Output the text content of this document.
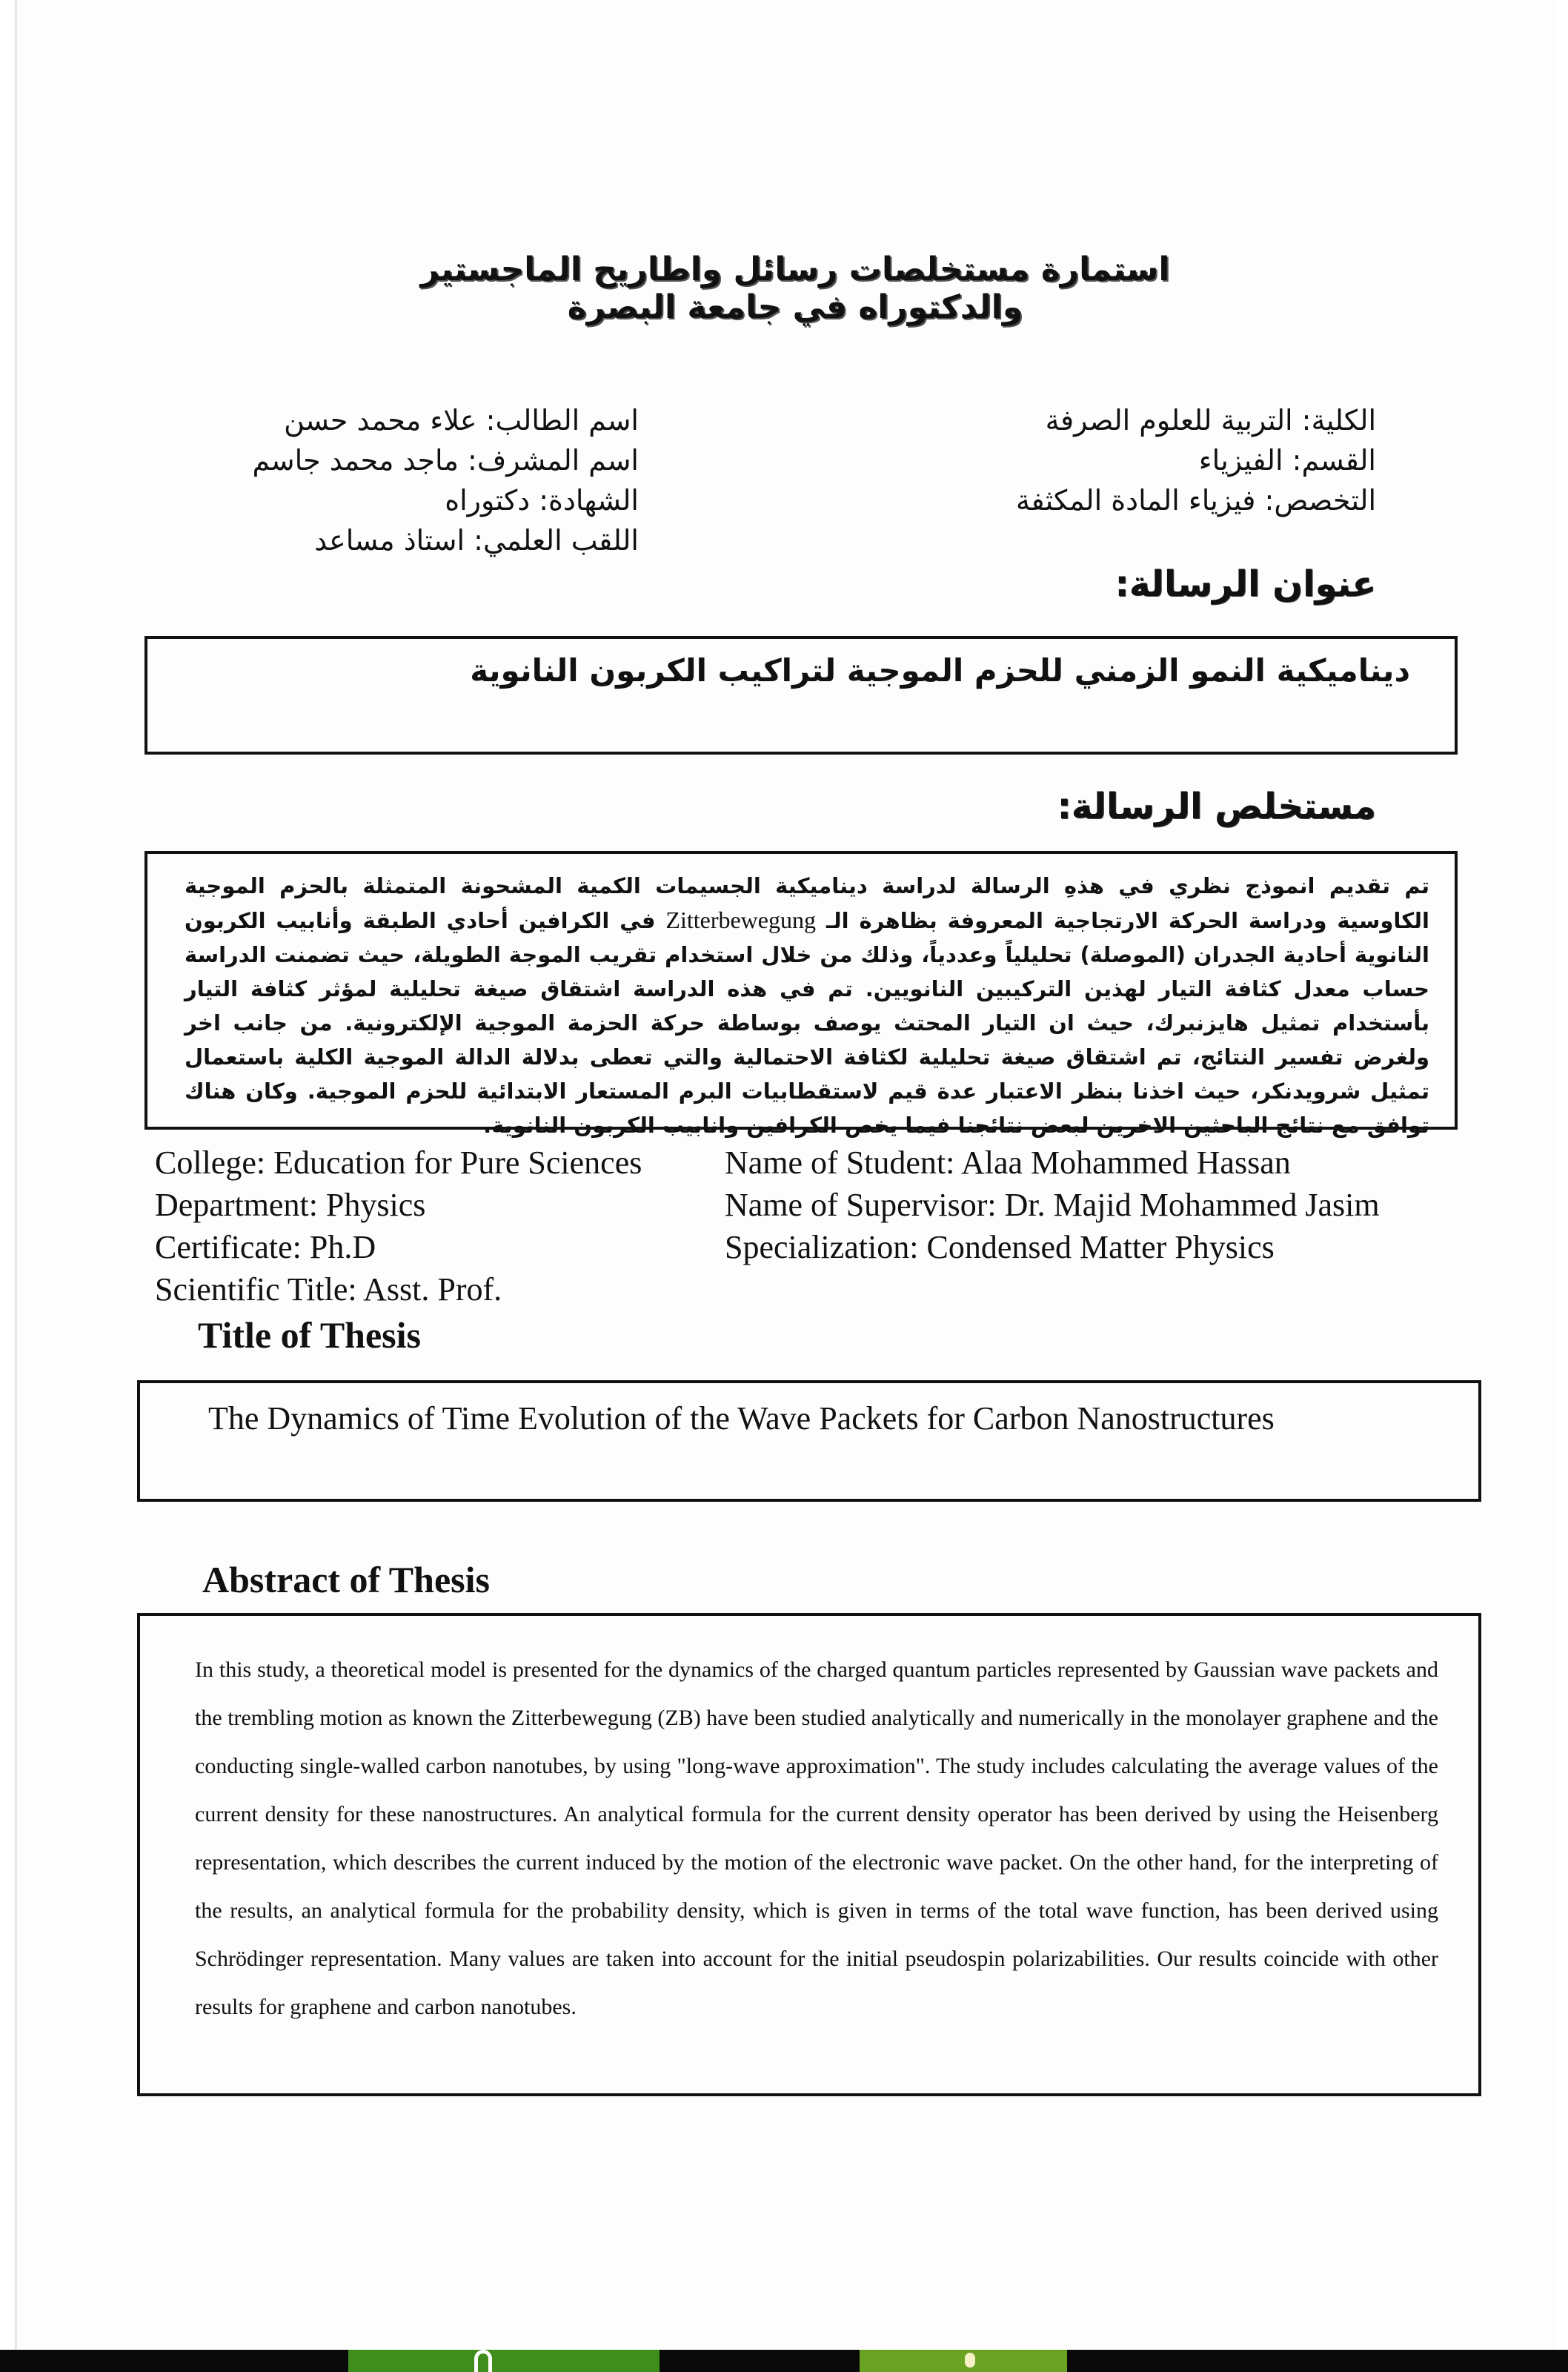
استمارة مستخلصات رسائل واطاريح الماجستير والدكتوراه في جامعة البصرة
الكلية: التربية للعلوم الصرفة
القسم: الفيزياء
التخصص: فيزياء المادة المكثفة
اسم الطالب: علاء محمد حسن
اسم المشرف: ماجد محمد جاسم
الشهادة: دكتوراه
اللقب العلمي: استاذ مساعد
عنوان الرسالة:
ديناميكية النمو الزمني للحزم الموجية لتراكيب الكربون النانوية
مستخلص الرسالة:
تم تقديم انموذج نظري في هذهِ الرسالة لدراسة ديناميكية الجسيمات الكمية المشحونة المتمثلة بالحزم الموجية الكاوسية ودراسة الحركة الارتجاجية المعروفة بظاهرة الـ Zitterbewegung في الكرافين أحادي الطبقة وأنابيب الكربون النانوية أحادية الجدران (الموصلة) تحليلياً وعددياً، وذلك من خلال استخدام تقريب الموجة الطويلة، حيث تضمنت الدراسة حساب معدل كثافة التيار لهذين التركيبين النانويين. تم في هذه الدراسة اشتقاق صيغة تحليلية لمؤثر كثافة التيار بأستخدام تمثيل هايزنبرك، حيث ان التيار المحتث يوصف بوساطة حركة الحزمة الموجية الإلكترونية. من جانب اخر ولغرض تفسير النتائج، تم اشتقاق صيغة تحليلية لكثافة الاحتمالية والتي تعطى بدلالة الدالة الموجية الكلية باستعمال تمثيل شرويدنكر، حيث اخذنا بنظر الاعتبار عدة قيم لاستقطابيات البرم المستعار الابتدائية للحزم الموجية. وكان هناك توافق مع نتائج الباحثين الاخرين لبعض نتائجنا فيما يخص الكرافين وانابيب الكربون النانوية.
College: Education for Pure Sciences
Department: Physics
Certificate: Ph.D
Scientific Title: Asst. Prof.
Name of Student: Alaa Mohammed Hassan
Name of Supervisor: Dr. Majid Mohammed Jasim
Specialization: Condensed Matter Physics
Title of Thesis
The Dynamics of Time Evolution of the Wave Packets for Carbon Nanostructures
Abstract of Thesis
In this study, a theoretical model is presented for the dynamics of the charged quantum particles represented by Gaussian wave packets and the trembling motion as known the Zitterbewegung (ZB) have been studied analytically and numerically in the monolayer graphene and the conducting single-walled carbon nanotubes, by using "long-wave approximation". The study includes calculating the average values of the current density for these nanostructures. An analytical formula for the current density operator has been derived by using the Heisenberg representation, which describes the current induced by the motion of the electronic wave packet. On the other hand, for the interpreting of the results, an analytical formula for the probability density, which is given in terms of the total wave function, has been derived using Schrödinger representation. Many values are taken into account for the initial pseudospin polarizabilities. Our results coincide with other results for graphene and carbon nanotubes.
